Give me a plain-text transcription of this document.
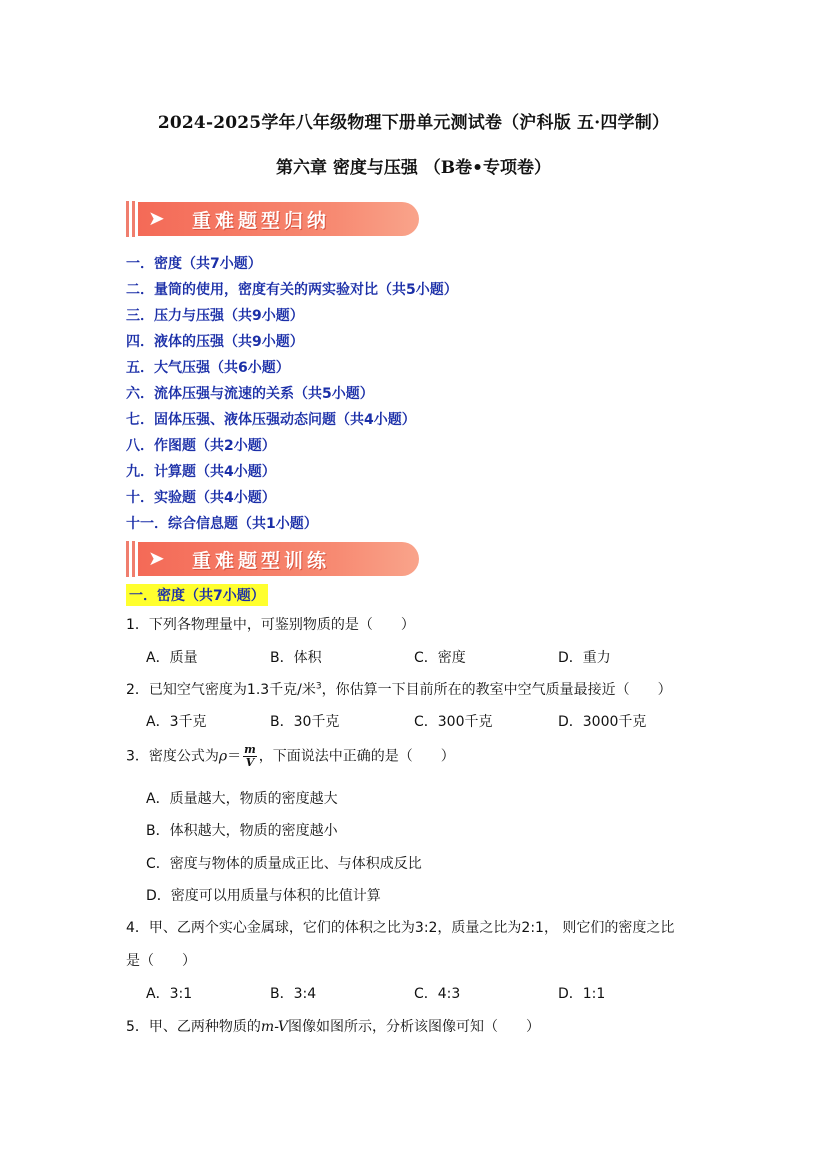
2024-2025学年八年级物理下册单元测试卷（沪科版 五·四学制）
第六章 密度与压强 （B卷•专项卷）
➤ 重难题型归纳
一．密度（共7小题）
二．量筒的使用，密度有关的两实验对比（共5小题）
三．压力与压强（共9小题）
四．液体的压强（共9小题）
五．大气压强（共6小题）
六．流体压强与流速的关系（共5小题）
七．固体压强、液体压强动态问题（共4小题）
八．作图题（共2小题）
九．计算题（共4小题）
十．实验题（共4小题）
十一．综合信息题（共1小题）
➤ 重难题型训练
一．密度（共7小题）
1．下列各物理量中，可鉴别物质的是（　　）
A．质量	B．体积	C．密度	D．重力
2．已知空气密度为1.3千克/米$^3$，你估算一下目前所在的教室中空气质量最接近（　　）
A．3千克	B．30千克	C．300千克	D．3000千克
3．密度公式为$\rho= \frac{m}{V}$ ，下面说法中正确的是（　　）
A．质量越大，物质的密度越大
B．体积越大，物质的密度越小
C．密度与物体的质量成正比、与体积成反比
D．密度可以用质量与体积的比值计算
4．甲、乙两个实心金属球，它们的体积之比为3:2，质量之比为2:1， 则它们的密度之比
是（　　）
A．3:1	B．3:4	C．4:3	D．1:1
5．甲、乙两种物质的m-V图像如图所示，分析该图像可知（　　）
